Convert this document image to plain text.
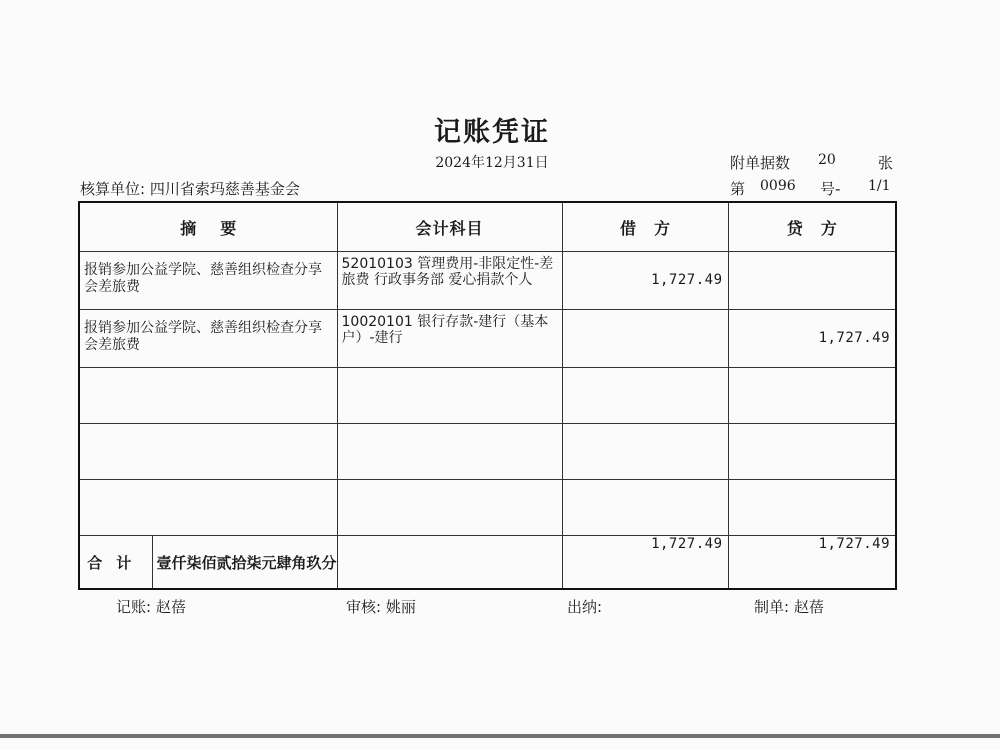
记账凭证
2024年12月31日	附单据数 20	张
核算单位: 四川省索玛慈善基金会	第 0096 号- 1/1
摘要	会计科目	借方	贷方

报销参加公益学院、慈善组织检查分享会差旅费	52010103 管理费用-非限定性-差旅费 行政事务部 爱心捐款个人	1,727.49	

报销参加公益学院、慈善组织检查分享会差旅费	10020101 银行存款-建行（基本户）-建行		1,727.49

合计 壹仟柒佰贰拾柒元肆角玖分		1,727.49	1,727.49
记账: 赵蓓	审核: 姚丽	出纳:	制单: 赵蓓
